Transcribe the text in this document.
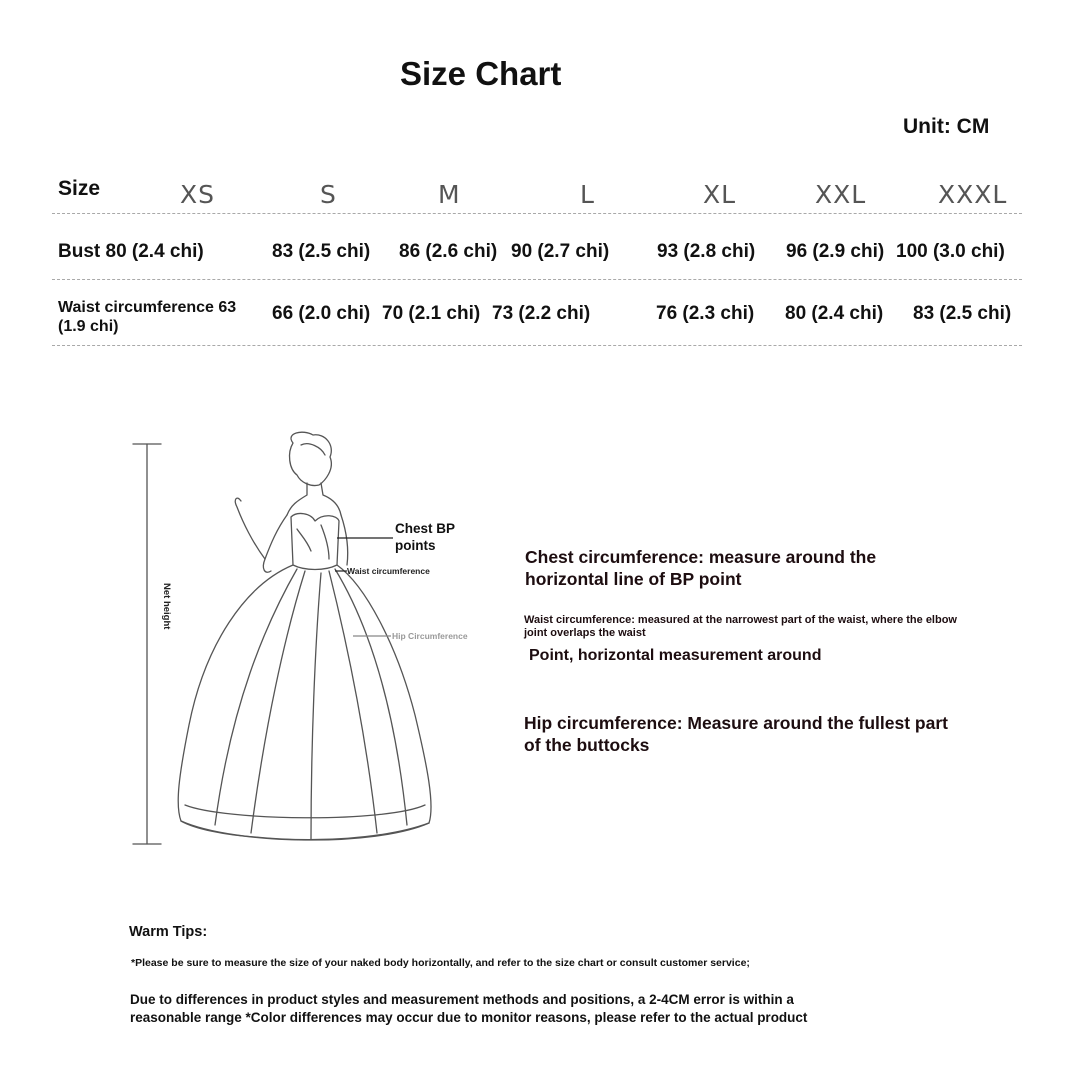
Size Chart
Unit: CM
Size	XS	S	M	L	XL	XXL	XXXL
Bust 80 (2.4 chi)	83 (2.5 chi) 86 (2.6 chi) 90 (2.7 chi)	93 (2.8 chi) 96 (2.9 chi) 100 (3.0 chi)
Waist circumference 63
(1.9 chi)
66 (2.0 chi) 70 (2.1 chi) 73 (2.2 chi)	76 (2.3 chi) 80 (2.4 chi) 83 (2.5 chi)
Chest BP
points
Waist circumference
Hip Circumference
Net height
Chest circumference: measure around the
horizontal line of BP point
Waist circumference: measured at the narrowest part of the waist, where the elbow
joint overlaps the waist
Point, horizontal measurement around
Hip circumference: Measure around the fullest part
of the buttocks
Warm Tips:
*Please be sure to measure the size of your naked body horizontally, and refer to the size chart or consult customer service;
Due to differences in product styles and measurement methods and positions, a 2-4CM error is within a
reasonable range *Color differences may occur due to monitor reasons, please refer to the actual product
